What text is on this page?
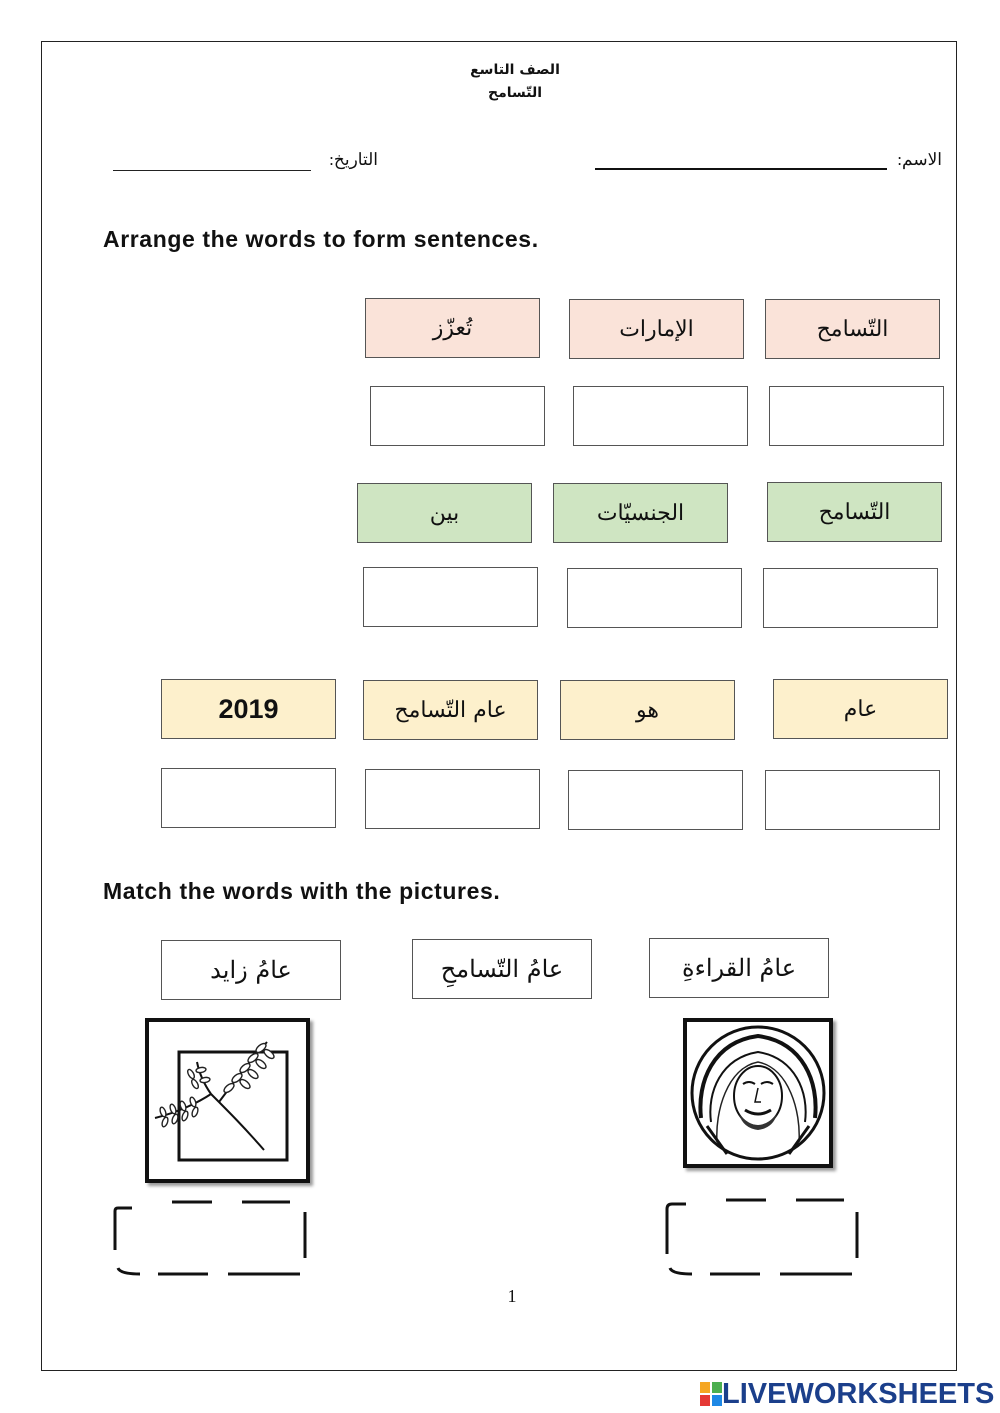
الصف التاسع
التّسامح
الاسم:
التاريخ:
Arrange the words to form sentences.
التّسامح
الإمارات
تُعزّز
التّسامح
الجنسيّات
بين
عام
هو
عام التّسامح
2019
Match the words with the pictures.
عامُ القراءةِ
عامُ التّسامحِ
عامُ زايد
1
LIVE WORKSHEETS
